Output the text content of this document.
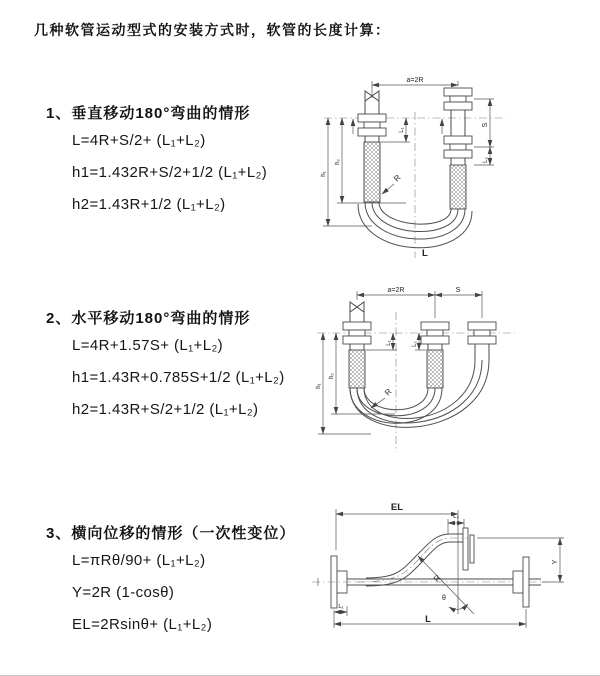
几种软管运动型式的安装方式时，软管的长度计算：
1、垂直移动180°弯曲的情形
L=4R+S/2+ (L₁+L₂)
h1=1.432R+S/2+1/2 (L₁+L₂)
h2=1.43R+1/2 (L₁+L₂)
2、水平移动180°弯曲的情形
L=4R+1.57S+ (L₁+L₂)
h1=1.43R+0.785S+1/2 (L₁+L₂)
h2=1.43R+S/2+1/2 (L₁+L₂)
3、横向位移的情形（一次性变位）
L=πRθ/90+ (L₁+L₂)
Y=2R (1-cosθ)
EL=2Rsinθ+ (L₁+L₂)
a=2R
h₁
h₂
L₁
S
L₂
R
L
a=2R	S
L₁	L₂
h₁
h₂
R
EL
L₂
Y
R
θ
L
L₁
